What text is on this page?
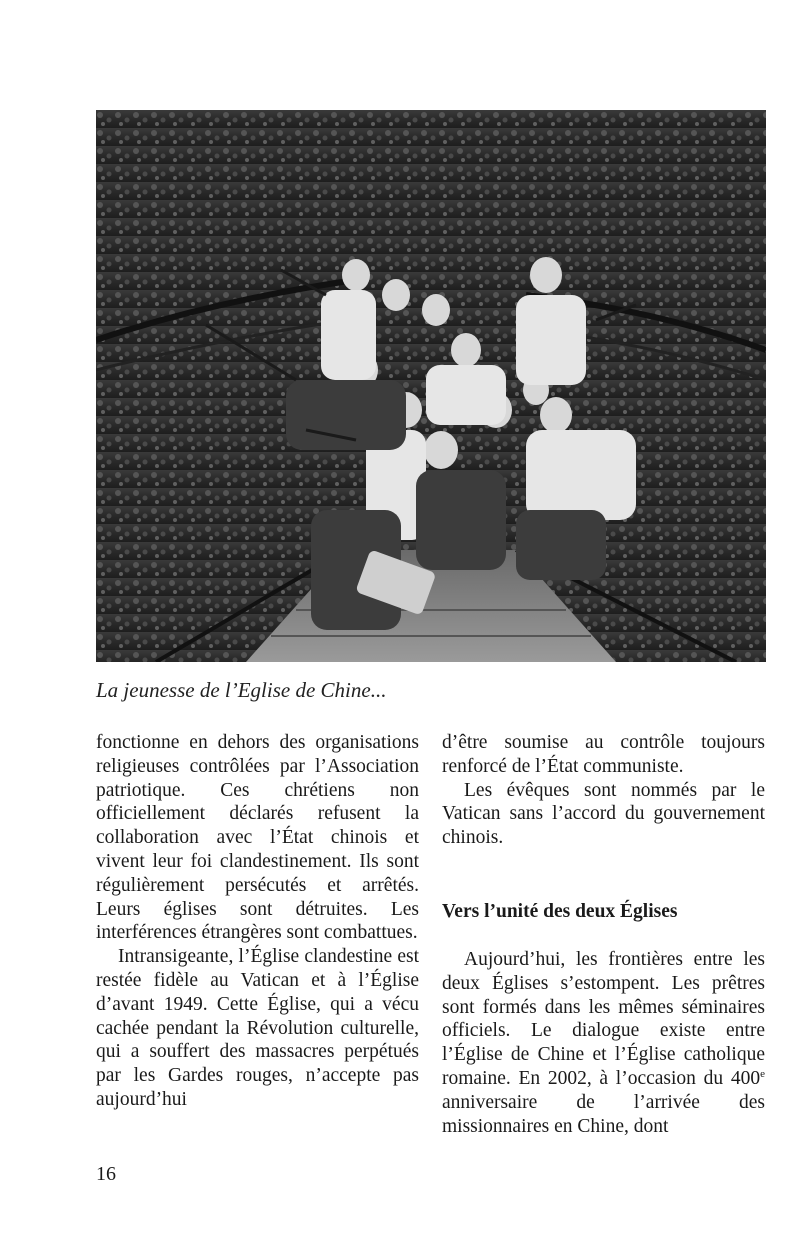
La jeunesse de l’Eglise de Chine...

fonctionne en dehors des organisations religieuses contrôlées par l’Association patriotique. Ces chrétiens non officiellement déclarés refusent la collaboration avec l’État chinois et vivent leur foi clandestinement. Ils sont régulièrement persécutés et arrêtés. Leurs églises sont détruites. Les interférences étrangères sont combattues.

Intransigeante, l’Église clandestine est restée fidèle au Vatican et à l’Église d’avant 1949. Cette Église, qui a vécu cachée pendant la Révolution culturelle, qui a souffert des massacres perpétués par les Gardes rouges, n’accepte pas aujourd’hui

d’être soumise au contrôle toujours renforcé de l’État communiste.

Les évêques sont nommés par le Vatican sans l’accord du gouvernement chinois.

Vers l’unité des deux Églises

Aujourd’hui, les frontières entre les deux Églises s’estompent. Les prêtres sont formés dans les mêmes séminaires officiels. Le dialogue existe entre l’Église de Chine et l’Église catholique romaine. En 2002, à l’occasion du 400e anniversaire de l’arrivée des missionnaires en Chine, dont

16
